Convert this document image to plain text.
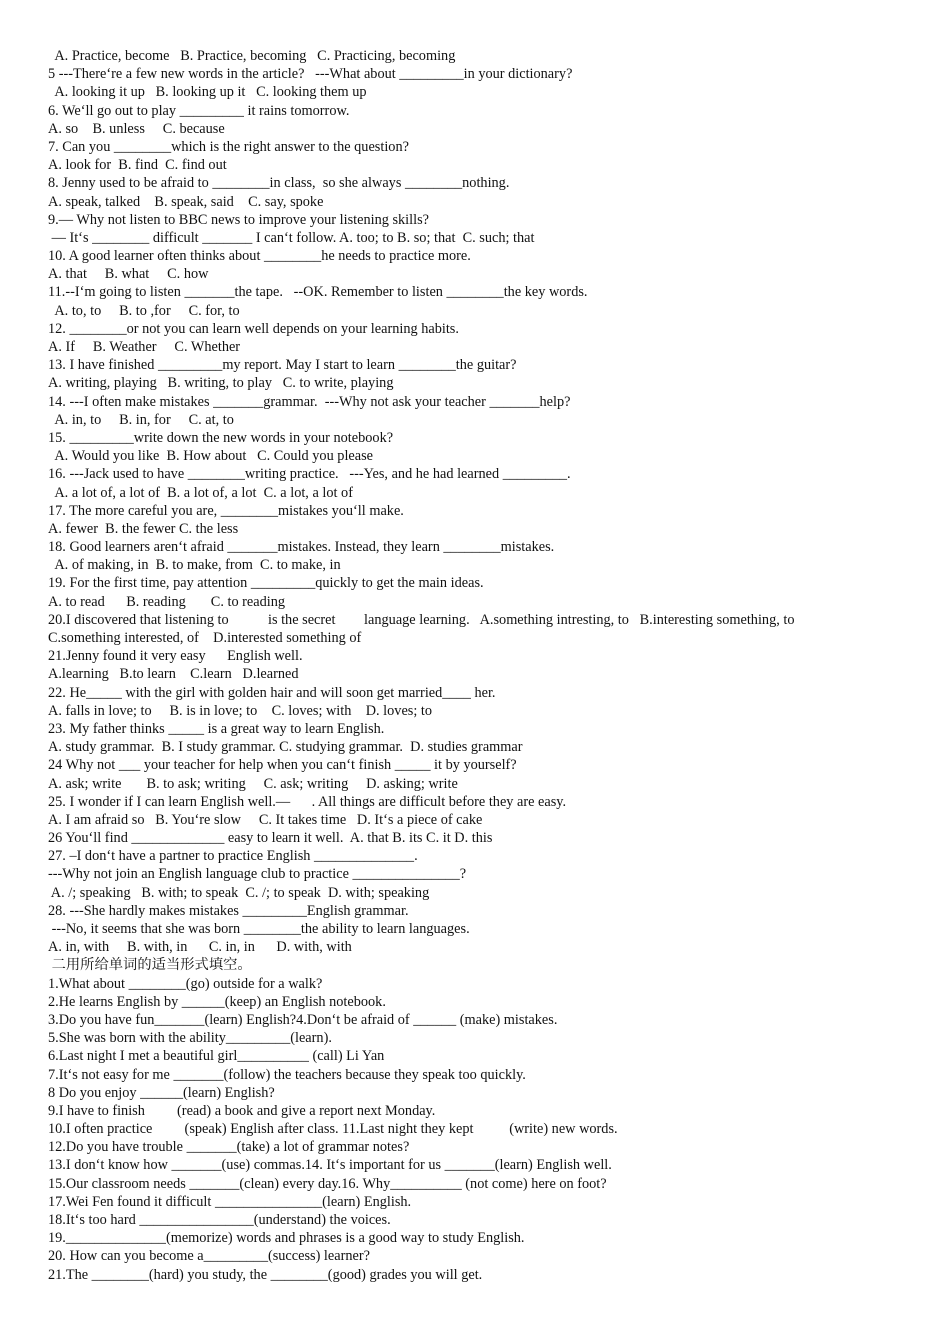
A. Practice, become   B. Practice, becoming   C. Practicing, becoming
5 ---There‘re a few new words in the article?   ---What about _________in your dictionary?
A. looking it up   B. looking up it   C. looking them up
6. We‘ll go out to play _________ it rains tomorrow.
A. so    B. unless     C. because
7. Can you ________which is the right answer to the question?
A. look for  B. find  C. find out
8. Jenny used to be afraid to ________in class,  so she always ________nothing.
A. speak, talked    B. speak, said    C. say, spoke
9.— Why not listen to BBC news to improve your listening skills?
— It‘s ________ difficult _______ I can‘t follow. A. too; to B. so; that  C. such; that
10. A good learner often thinks about ________he needs to practice more.
A. that     B. what     C. how
11.--I‘m going to listen _______the tape.   --OK. Remember to listen ________the key words.
A. to, to     B. to ,for     C. for, to
12. ________or not you can learn well depends on your learning habits.
A. If     B. Weather     C. Whether
13. I have finished _________my report. May I start to learn ________the guitar?
A. writing, playing   B. writing, to play   C. to write, playing
14. ---I often make mistakes _______grammar.  ---Why not ask your teacher _______help?
A. in, to     B. in, for     C. at, to
15. _________write down the new words in your notebook?
A. Would you like  B. How about   C. Could you please
16. ---Jack used to have ________writing practice.   ---Yes, and he had learned _________.
A. a lot of, a lot of  B. a lot of, a lot  C. a lot, a lot of
17. The more careful you are, ________mistakes you‘ll make.
A. fewer  B. the fewer C. the less
18. Good learners aren‘t afraid _______mistakes. Instead, they learn ________mistakes.
A. of making, in  B. to make, from  C. to make, in
19. For the first time, pay attention _________quickly to get the main ideas.
A. to read      B. reading       C. to reading
20.I discovered that listening to           is the secret        language learning.   A.something intresting, to   B.interesting something, to
C.something interested, of    D.interested something of
21.Jenny found it very easy      English well.
A.learning   B.to learn    C.learn   D.learned
22. He_____ with the girl with golden hair and will soon get married____ her.
A. falls in love; to     B. is in love; to    C. loves; with    D. loves; to
23. My father thinks _____ is a great way to learn English.
A. study grammar.  B. I study grammar. C. studying grammar.  D. studies grammar
24 Why not ___ your teacher for help when you can‘t finish _____ it by yourself?
A. ask; write       B. to ask; writing     C. ask; writing     D. asking; write
25. I wonder if I can learn English well.—      . All things are difficult before they are easy.
A. I am afraid so   B. You‘re slow     C. It takes time   D. It‘s a piece of cake
26 You‘ll find _____________ easy to learn it well.  A. that B. its C. it D. this
27. –I don‘t have a partner to practice English ______________.
---Why not join an English language club to practice _______________?
A. /; speaking   B. with; to speak  C. /; to speak  D. with; speaking
28. ---She hardly makes mistakes _________English grammar.
---No, it seems that she was born ________the ability to learn languages.
A. in, with     B. with, in      C. in, in      D. with, with
二用所给单词的适当形式填空。
1.What about ________(go) outside for a walk?
2.He learns English by ______(keep) an English notebook.
3.Do you have fun_______(learn) English?4.Don‘t be afraid of ______ (make) mistakes.
5.She was born with the ability_________(learn).
6.Last night I met a beautiful girl__________ (call) Li Yan
7.It‘s not easy for me _______(follow) the teachers because they speak too quickly.
8 Do you enjoy ______(learn) English?
9.I have to finish         (read) a book and give a report next Monday.
10.I often practice         (speak) English after class. 11.Last night they kept          (write) new words.
12.Do you have trouble _______(take) a lot of grammar notes?
13.I don‘t know how _______(use) commas.14. It‘s important for us _______(learn) English well.
15.Our classroom needs _______(clean) every day.16. Why__________ (not come) here on foot?
17.Wei Fen found it difficult _______________(learn) English.
18.It‘s too hard ________________(understand) the voices.
19.______________(memorize) words and phrases is a good way to study English.
20. How can you become a_________(success) learner?
21.The ________(hard) you study, the ________(good) grades you will get.
